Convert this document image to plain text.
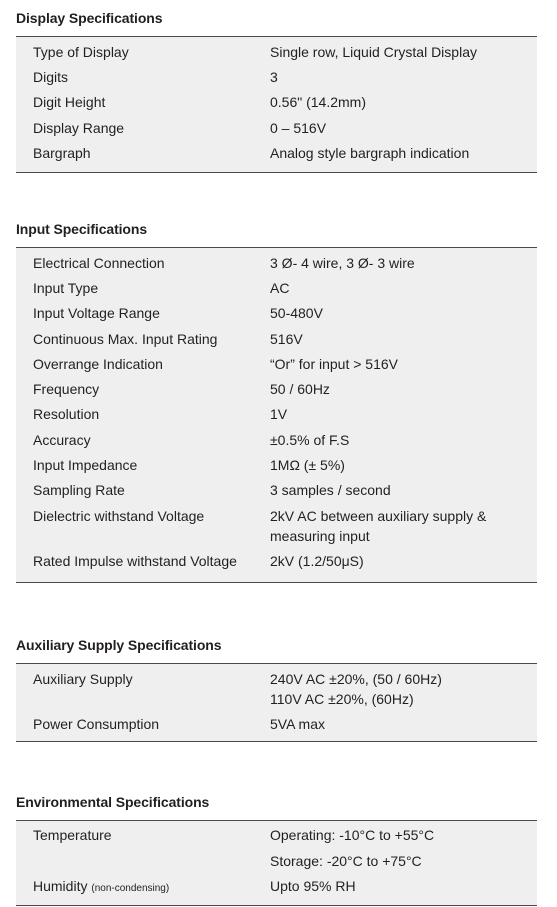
Display Specifications
Type of Display	Single row, Liquid Crystal Display
Digits	3
Digit Height	0.56" (14.2mm)
Display Range	0 – 516V
Bargraph	Analog style bargraph indication
Input Specifications
Electrical Connection	3 Ø- 4 wire, 3 Ø- 3 wire
Input Type	AC
Input Voltage Range	50-480V
Continuous Max. Input Rating	516V
Overrange Indication	“Or” for input > 516V
Frequency	50 / 60Hz
Resolution	1V
Accuracy	±0.5% of F.S
Input Impedance	1MΩ (± 5%)
Sampling Rate	3 samples / second
Dielectric withstand Voltage	2kV AC between auxiliary supply &
measuring input
Rated Impulse withstand Voltage 2kV (1.2/50μS)
Auxiliary Supply Specifications
Auxiliary Supply	240V AC ±20%, (50 / 60Hz)
110V AC ±20%, (60Hz)
Power Consumption	5VA max
Environmental Specifications
Temperature	Operating: -10°C to +55°C
Storage: -20°C to +75°C
Humidity (non-condensing)	Upto 95% RH
